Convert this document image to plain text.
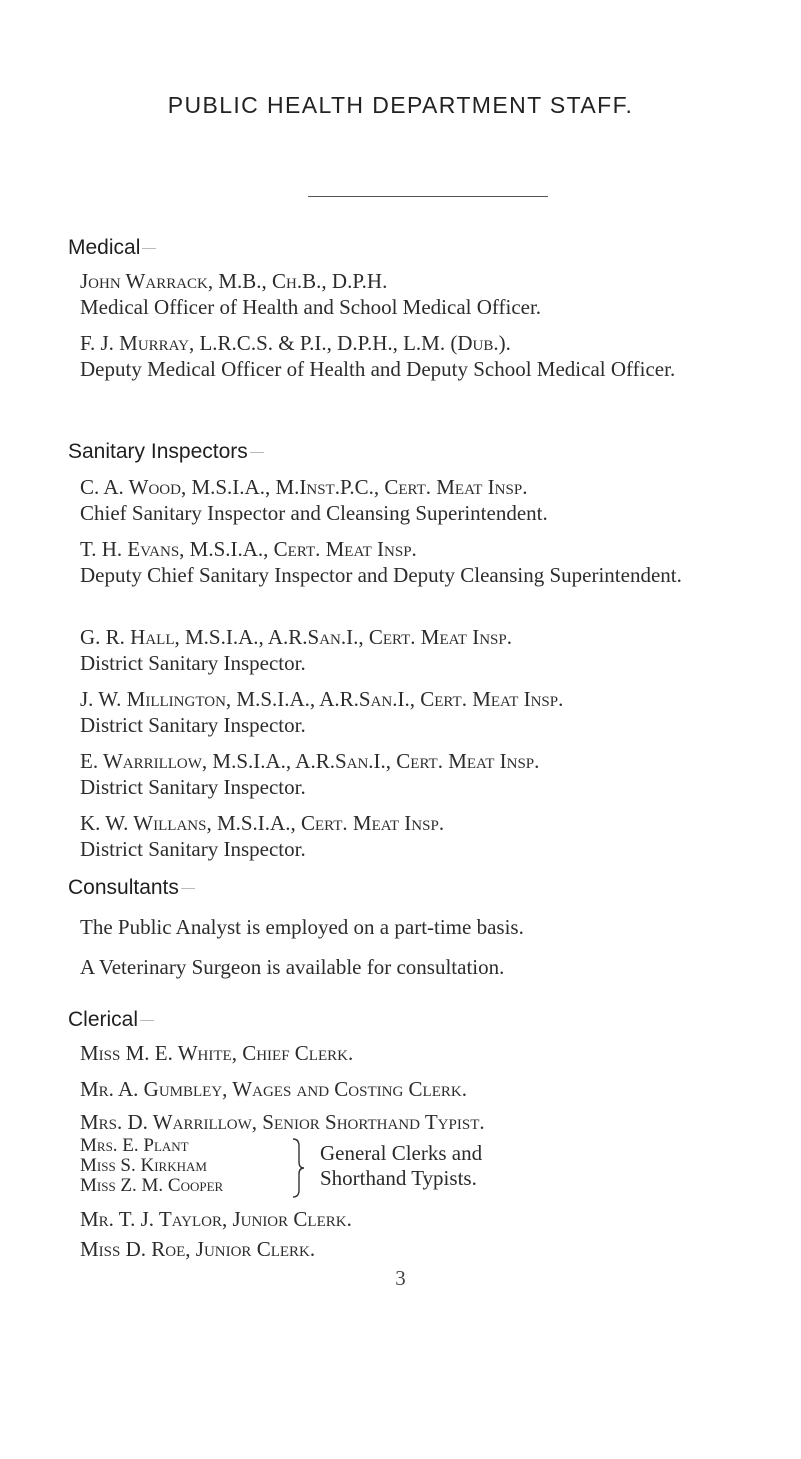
PUBLIC HEALTH DEPARTMENT STAFF.
Medical
John Warrack, M.B., Ch.B., D.P.H.
Medical Officer of Health and School Medical Officer.
F. J. Murray, L.R.C.S. & P.I., D.P.H., L.M. (Dub.).
Deputy Medical Officer of Health and Deputy School Medical Officer.
Sanitary Inspectors
C. A. Wood, M.S.I.A., M.Inst.P.C., Cert. Meat Insp.
Chief Sanitary Inspector and Cleansing Superintendent.
T. H. Evans, M.S.I.A., Cert. Meat Insp.
Deputy Chief Sanitary Inspector and Deputy Cleansing Superintendent.
G. R. Hall, M.S.I.A., A.R.San.I., Cert. Meat Insp.
District Sanitary Inspector.
J. W. Millington, M.S.I.A., A.R.San.I., Cert. Meat Insp.
District Sanitary Inspector.
E. Warrillow, M.S.I.A., A.R.San.I., Cert. Meat Insp.
District Sanitary Inspector.
K. W. Willans, M.S.I.A., Cert. Meat Insp.
District Sanitary Inspector.
Consultants
The Public Analyst is employed on a part-time basis.
A Veterinary Surgeon is available for consultation.
Clerical
Miss M. E. White, Chief Clerk.
Mr. A. Gumbley, Wages and Costing Clerk.
Mrs. D. Warrillow, Senior Shorthand Typist.
Mrs. E. Plant
Miss S. Kirkham
Miss Z. M. Cooper
General Clerks and
Shorthand Typists.
Mr. T. J. Taylor, Junior Clerk.
Miss D. Roe, Junior Clerk.
3
